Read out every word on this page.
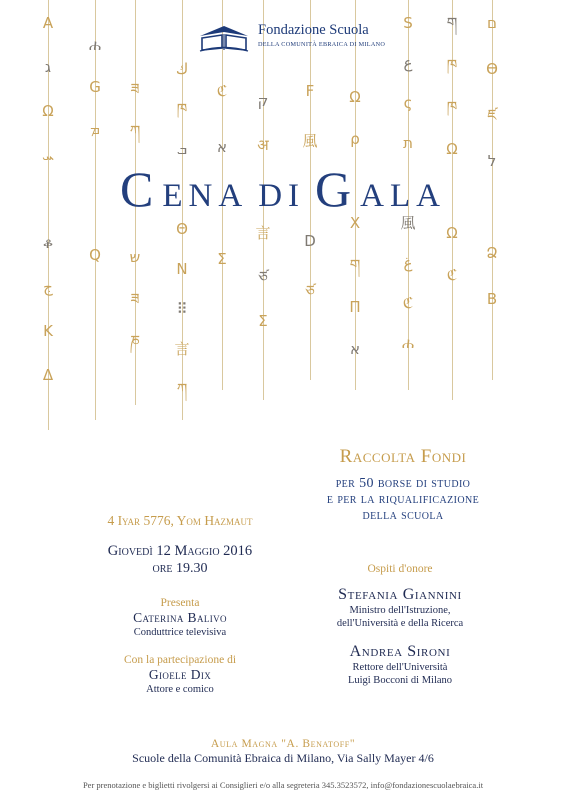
Α
ג
Ω
ܚ
ቆ
ج
K
Δ
ሐ
G
ܡ
Q
ཟ
ཀ
ש
ཟ
ཎ
ك
ཁ
ܒ
Θ
N
⠿
言
ཀ
ℭ
א
Σ
ק
अ
言
ཙ
Σ
F
風
D
ཙ
Ω
ρ
X
ག
П
א
S
ع
ς
ת
風
غ
ℭ
ሐ
ག
ཁ
ཁ
Ω
Ω
ℭ
ם
Ɵ
ཛ
ל
Ձ
B
Fondazione Scuola
DELLA COMUNITÀ EBRAICA DI MILANO
CENA DI GALA
Raccolta Fondi
per 50 borse di studio
e per la riqualificazione
della scuola
4 Iyar 5776, Yom Hazmaut
Giovedì 12 Maggio 2016
ore 19.30
Presenta
Caterina Balivo
Conduttrice televisiva
Con la partecipazione di
Gioele Dix
Attore e comico
Ospiti d'onore
Stefania Giannini
Ministro dell'Istruzione,
dell'Università e della Ricerca
Andrea Sironi
Rettore dell'Università
Luigi Bocconi di Milano
Aula Magna "A. Benatoff"
Scuole della Comunità Ebraica di Milano, Via Sally Mayer 4/6
Per prenotazione e biglietti rivolgersi ai Consiglieri e/o alla segreteria 345.3523572, info@fondazionescuolaebraica.it
